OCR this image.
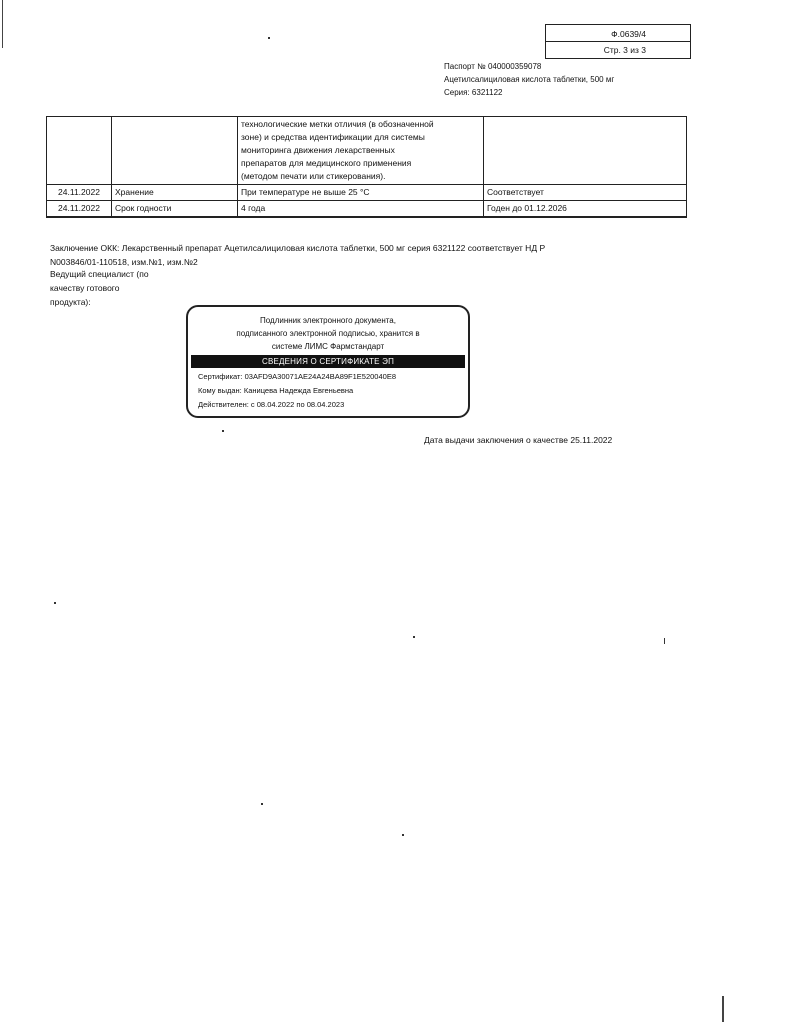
Ф.0639/4
Стр. 3 из 3
Паспорт № 040000359078
Ацетилсалициловая кислота таблетки, 500 мг
Серия: 6321122

		технологические метки отличия (в обозначенной
зоне) и средства идентификации для системы
мониторинга движения лекарственных
препаратов для медицинского применения
(методом печати или стикерования).	

24.11.2022	Хранение	При температуре не выше 25 °С	Соответствует
24.11.2022	Срок годности	4 года	Годен до 01.12.2026
Заключение ОКК: Лекарственный препарат Ацетилсалициловая кислота таблетки, 500 мг серия 6321122 соответствует НД Р
N003846/01-110518, изм.№1, изм.№2
Ведущий специалист (по
качеству готового
продукта):
Подлинник электронного документа,
подписанного электронной подписью, хранится в
системе ЛИМС Фармстандарт
СВЕДЕНИЯ О СЕРТИФИКАТЕ ЭП
Сертификат: 03AFD9A30071AE24A24BA89F1E520040E8
Кому выдан: Каницева Надежда Евгеньевна
Действителен: с 08.04.2022 по 08.04.2023
Дата выдачи заключения о качестве 25.11.2022
